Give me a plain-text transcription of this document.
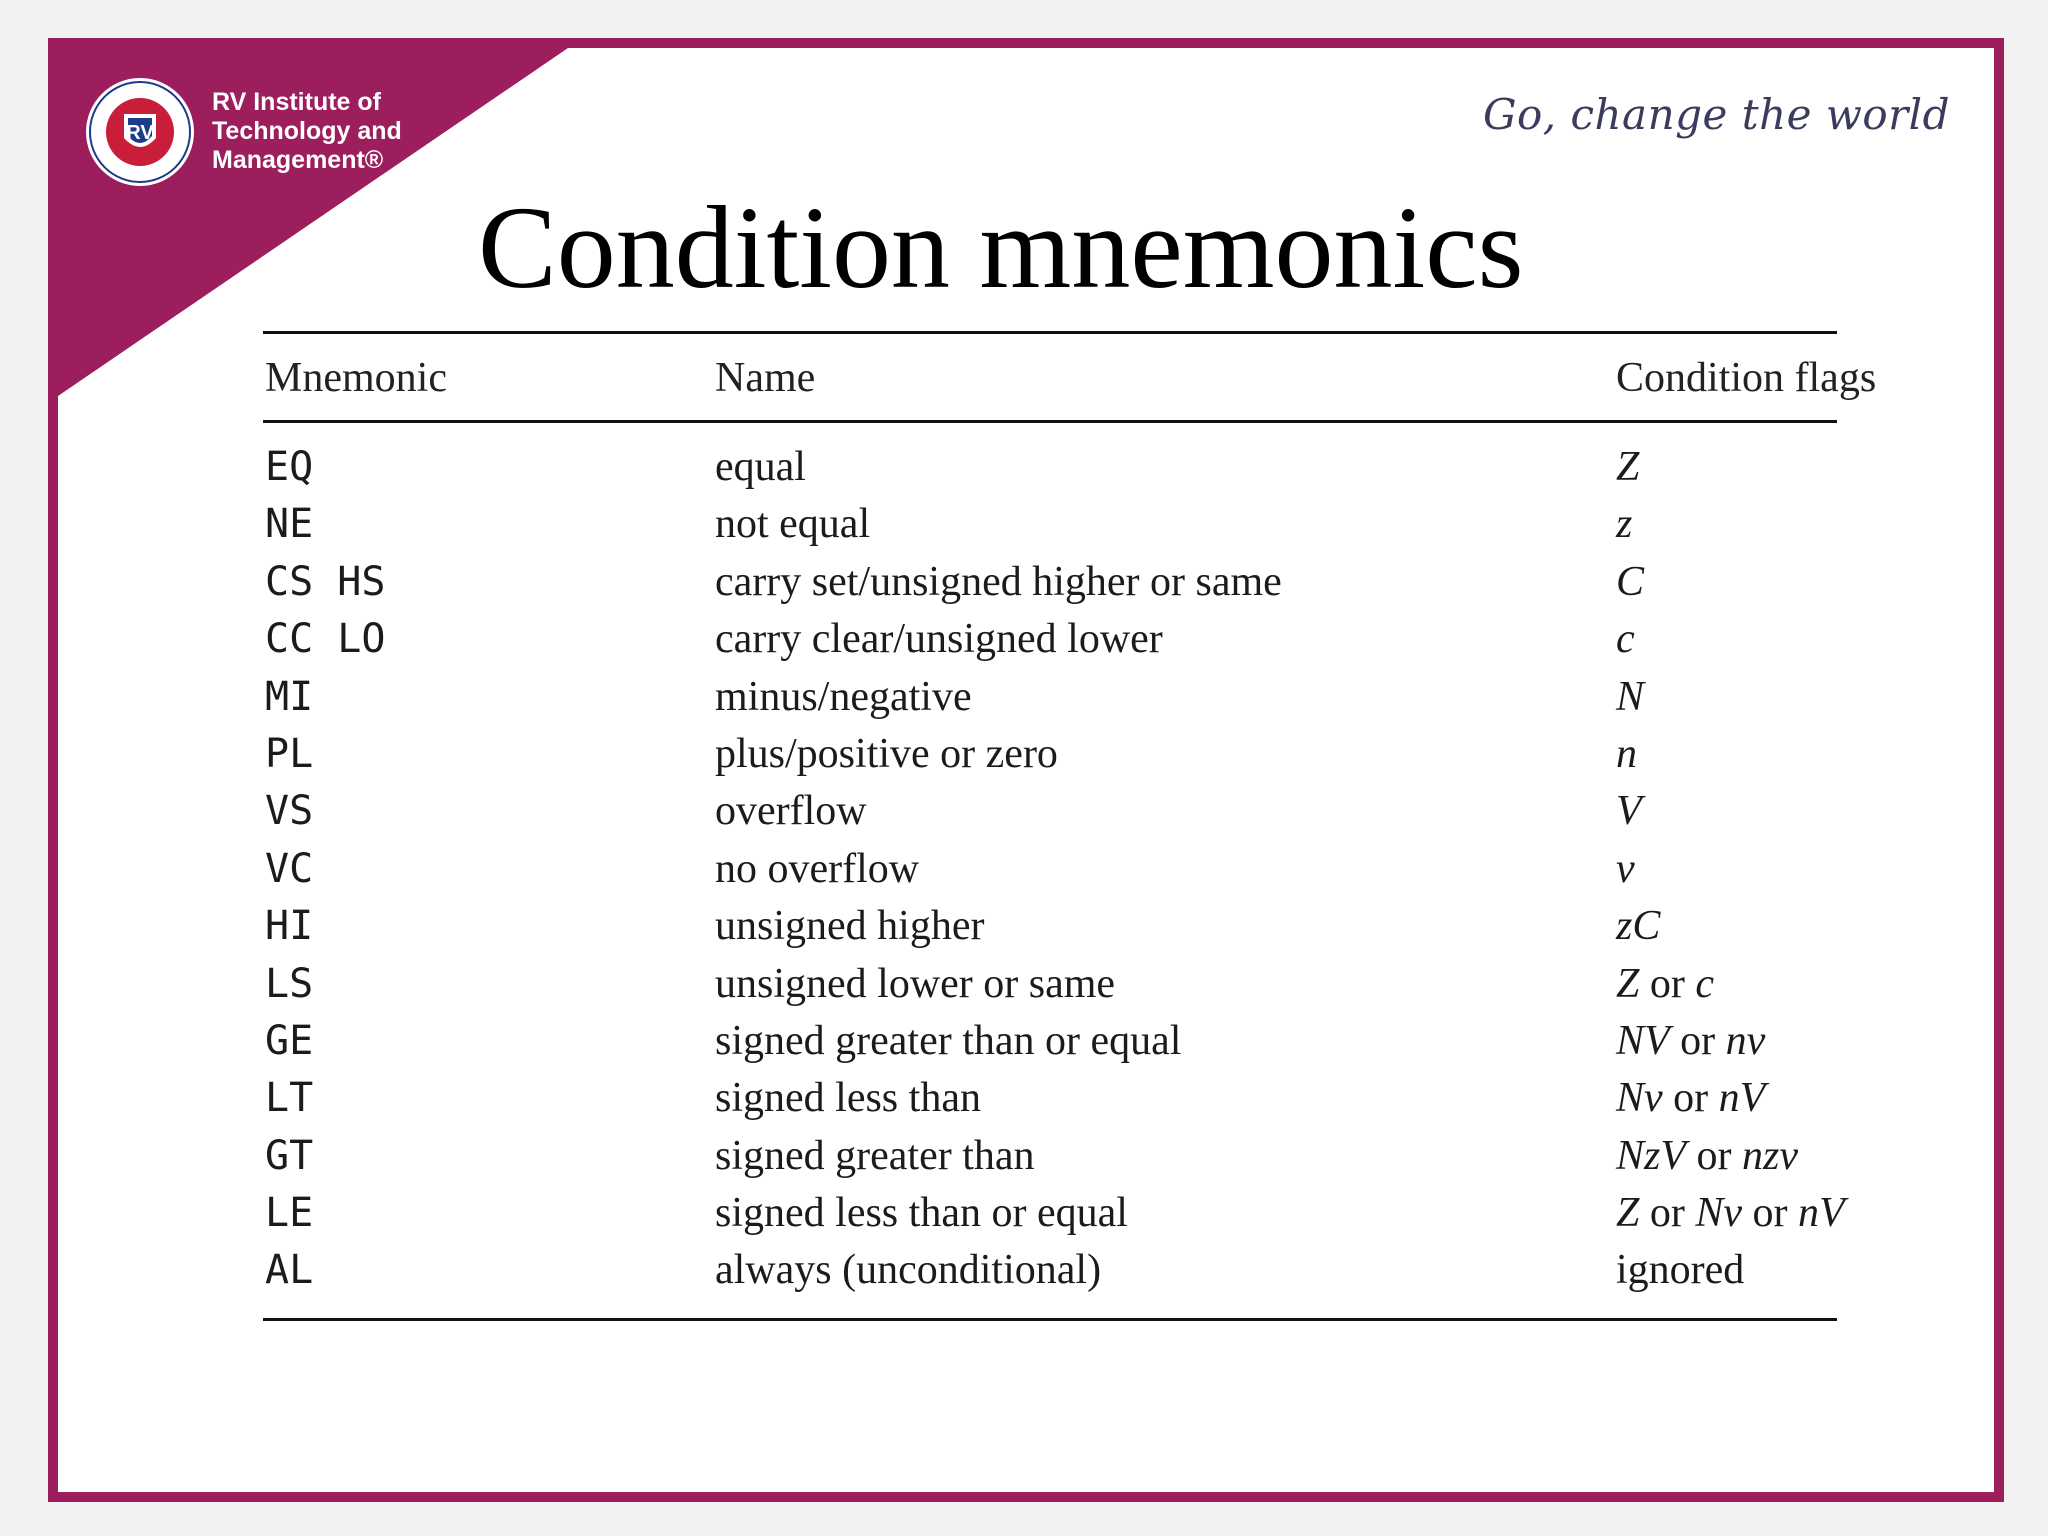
RV
RV Institute of
Technology and
Management®
Go, change the world
Condition mnemonics
Mnemonic	Name	Condition flags
EQ	equal	Z
NE	not equal	z
CS HS	carry set/unsigned higher or same	C
CC LO	carry clear/unsigned lower	c
MI	minus/negative	N
PL	plus/positive or zero	n
VS	overflow	V
VC	no overflow	v
HI	unsigned higher	zC
LS	unsigned lower or same	Z or c
GE	signed greater than or equal	NV or nv
LT	signed less than	Nv or nV
GT	signed greater than	NzV or nzv
LE	signed less than or equal	Z or Nv or nV
AL	always (unconditional)	ignored
